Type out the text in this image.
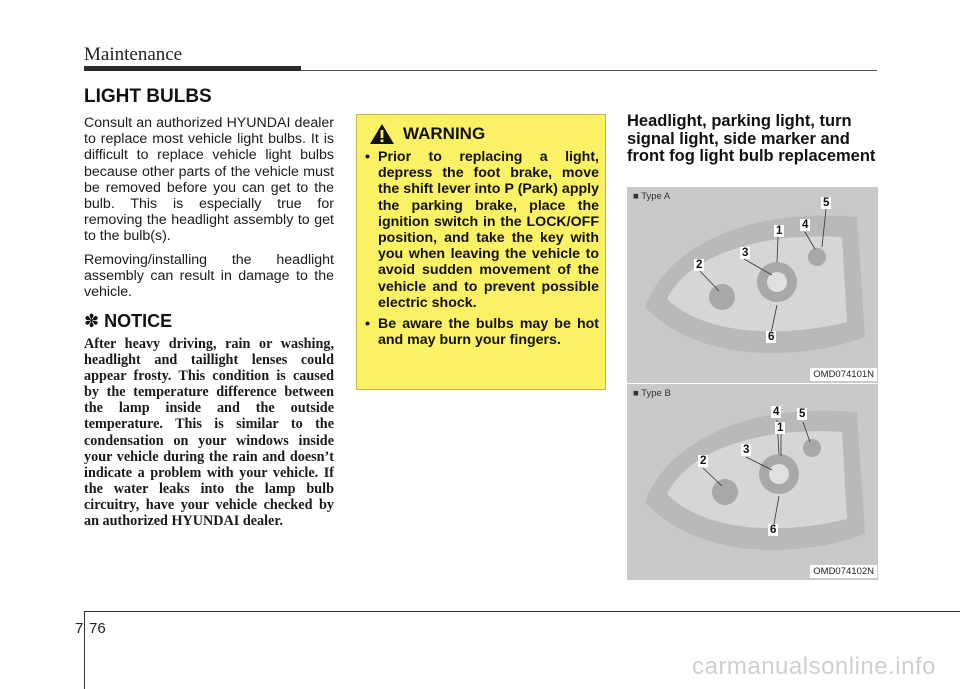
Maintenance
LIGHT BULBS

Consult an authorized HYUNDAI dealer to replace most vehicle light bulbs. It is difficult to replace vehicle light bulbs because other parts of the vehicle must be removed before you can get to the bulb. This is especially true for removing the headlight assembly to get to the bulb(s).

Removing/installing the headlight assembly can result in damage to the vehicle.

✽ NOTICE
After heavy driving, rain or washing, headlight and taillight lenses could appear frosty. This condition is caused by the temperature difference between the lamp inside and the outside temperature. This is similar to the condensation on your windows inside your vehicle during the rain and doesn’t indicate a problem with your vehicle. If the water leaks into the lamp bulb circuitry, have your vehicle checked by an authorized HYUNDAI dealer.
WARNING
• Prior to replacing a light, depress the foot brake, move the shift lever into P (Park) apply the parking brake, place the ignition switch in the LOCK/OFF position, and take the key with you when leaving the vehicle to avoid sudden movement of the vehicle and to prevent possible electric shock.
• Be aware the bulbs may be hot and may burn your fingers.
Headlight, parking light, turn signal light, side marker and front fog light bulb replacement
■ Type A
5
4
1
3
2
6
OMD074101N
■ Type B
4 5
1
3
2
6
OMD074102N
7 76
carmanualsonline.info
